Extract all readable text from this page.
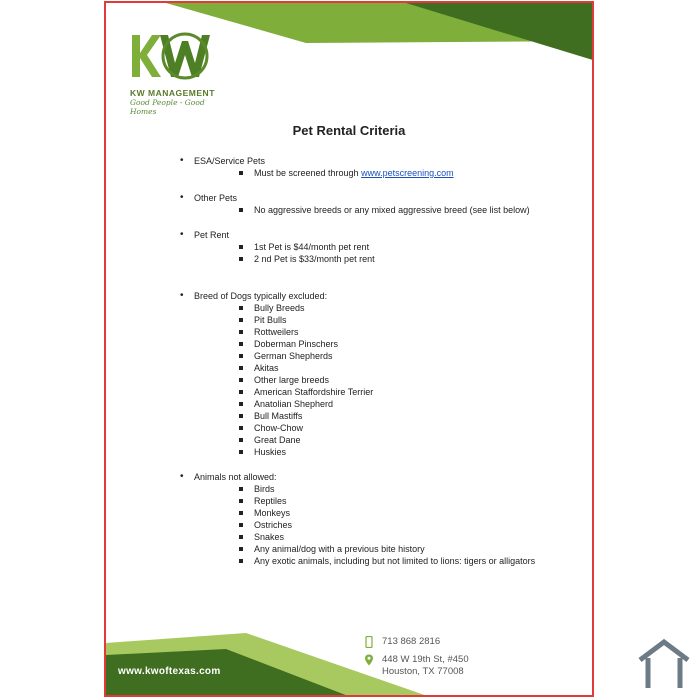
KW MANAGEMENT
Good People - Good Homes
Pet Rental Criteria
• ESA/Service Pets
Must be screened through www.petscreening.com
• Other Pets
No aggressive breeds or any mixed aggressive breed (see list below)
• Pet Rent
1st Pet is $44/month pet rent
2 nd Pet is $33/month pet rent
• Breed of Dogs typically excluded:
Bully Breeds
Pit Bulls
Rottweilers
Doberman Pinschers
German Shepherds
Akitas
Other large breeds
American Staffordshire Terrier
Anatolian Shepherd
Bull Mastiffs
Chow-Chow
Great Dane
Huskies
• Animals not allowed:
Birds
Reptiles
Monkeys
Ostriches
Snakes
Any animal/dog with a previous bite history
Any exotic animals, including but not limited to lions: tigers or alligators
www.kwoftexas.com
713 868 2816
448 W 19th St, #450
Houston, TX 77008
